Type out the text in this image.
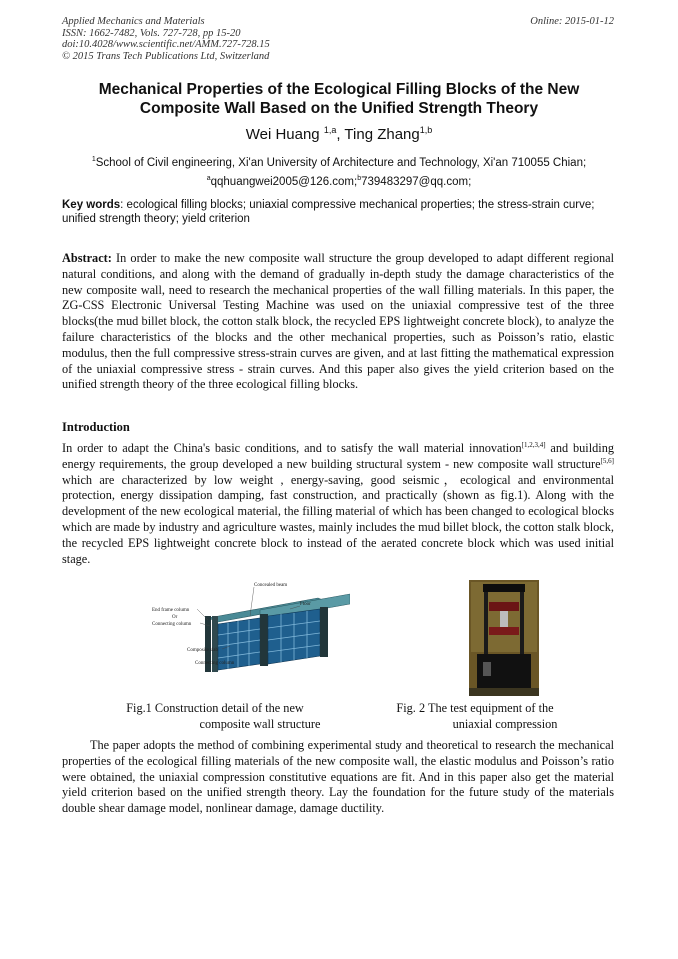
Applied Mechanics and Materials
ISSN: 1662-7482, Vols. 727-728, pp 15-20
doi:10.4028/www.scientific.net/AMM.727-728.15
© 2015 Trans Tech Publications Ltd, Switzerland
Online: 2015-01-12
Mechanical Properties of the Ecological Filling Blocks of the New
Composite Wall Based on the Unified Strength Theory
Wei Huang $^{1,a}$, Ting Zhang$^{1,b}$
$^1$School of Civil engineering, Xi'an University of Architecture and Technology, Xi'an 710055 Chian;
$^a$qqhuangwei2005@126.com;$^b$739483297@qq.com;
Key words: ecological filling blocks; uniaxial compressive mechanical properties; the stress-strain curve; unified strength theory; yield criterion
Abstract: In order to make the new composite wall structure the group developed to adapt different regional natural conditions, and along with the demand of gradually in-depth study the damage characteristics of the new composite wall, need to research the mechanical properties of the wall filling materials. In this paper, the ZG-CSS Electronic Universal Testing Machine was used on the uniaxial compressive test of the three blocks(the mud billet block, the cotton stalk block, the recycled EPS lightweight concrete block), to analyze the failure characteristics of the blocks and the other mechanical properties, such as Poisson’s ratio, elastic modulus, then the full compressive stress-strain curves are given, and at last fitting the mathematical expression of the uniaxial compressive stress - strain curves. And this paper also gives the yield criterion based on the unified strength theory of the three ecological filling blocks.
Introduction
In order to adapt the China's basic conditions, and to satisfy the wall material innovation[1,2,3,4] and building energy requirements, the group developed a new building structural system - new composite wall structure[5,6] which are characterized by low weight , energy-saving, good seismic，ecological and environmental protection, energy dissipation damping, fast construction, and practically (shown as fig.1). Along with the development of the new ecological material, the filling material of which has been changed to ecological blocks which are made by industry and agriculture wastes, mainly includes the mud billet block, the cotton stalk block, the recycled EPS lightweight concrete block to instead of the aerated concrete block which was used initial stage.
Concealed beam
Floor
End frame column
Or
Connecting column
Composite slab
Connecting column
Fig.1 Construction detail of the new
composite wall structure
Fig. 2 The test equipment of the
uniaxial compression
The paper adopts the method of combining experimental study and theoretical to research the mechanical properties of the ecological filling materials of the new composite wall, the elastic modulus and Poisson’s ratio were obtained, the uniaxial compression constitutive equations are fit. And in this paper also get the material yield criterion based on the unified strength theory. Lay the foundation for the future study of the materials double shear damage model, nonlinear damage, damage ductility.
